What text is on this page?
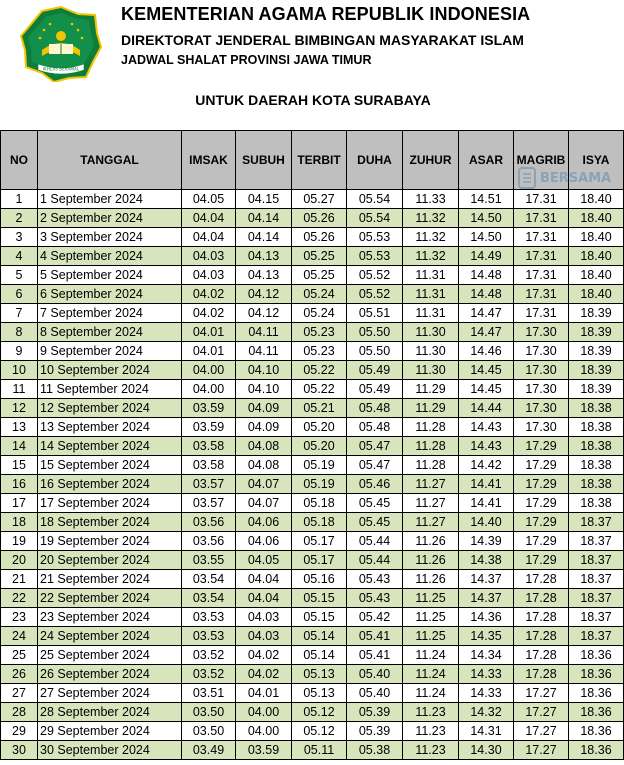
IKHLAS BERAMAL
KEMENTERIAN AGAMA REPUBLIK INDONESIA
DIREKTORAT JENDERAL BIMBINGAN MASYARAKAT ISLAM
JADWAL SHALAT PROVINSI JAWA TIMUR
UNTUK DAERAH KOTA SURABAYA
NO	TANGGAL	IMSAK	SUBUH	TERBIT	DUHA	ZUHUR	ASAR	MAGRIB	ISYA
1	1 September 2024	04.05	04.15	05.27	05.54	11.33	14.51	17.31	18.40
2	2 September 2024	04.04	04.14	05.26	05.54	11.32	14.50	17.31	18.40
3	3 September 2024	04.04	04.14	05.26	05.53	11.32	14.50	17.31	18.40
4	4 September 2024	04.03	04.13	05.25	05.53	11.32	14.49	17.31	18.40
5	5 September 2024	04.03	04.13	05.25	05.52	11.31	14.48	17.31	18.40
6	6 September 2024	04.02	04.12	05.24	05.52	11.31	14.48	17.31	18.40
7	7 September 2024	04.02	04.12	05.24	05.51	11.31	14.47	17.31	18.39
8	8 September 2024	04.01	04.11	05.23	05.50	11.30	14.47	17.30	18.39
9	9 September 2024	04.01	04.11	05.23	05.50	11.30	14.46	17.30	18.39
10	10 September 2024	04.00	04.10	05.22	05.49	11.30	14.45	17.30	18.39
11	11 September 2024	04.00	04.10	05.22	05.49	11.29	14.45	17.30	18.39
12	12 September 2024	03.59	04.09	05.21	05.48	11.29	14.44	17.30	18.38
13	13 September 2024	03.59	04.09	05.20	05.48	11.28	14.43	17.30	18.38
14	14 September 2024	03.58	04.08	05.20	05.47	11.28	14.43	17.29	18.38
15	15 September 2024	03.58	04.08	05.19	05.47	11.28	14.42	17.29	18.38
16	16 September 2024	03.57	04.07	05.19	05.46	11.27	14.41	17.29	18.38
17	17 September 2024	03.57	04.07	05.18	05.45	11.27	14.41	17.29	18.38
18	18 September 2024	03.56	04.06	05.18	05.45	11.27	14.40	17.29	18.37
19	19 September 2024	03.56	04.06	05.17	05.44	11.26	14.39	17.29	18.37
20	20 September 2024	03.55	04.05	05.17	05.44	11.26	14.38	17.29	18.37
21	21 September 2024	03.54	04.04	05.16	05.43	11.26	14.37	17.28	18.37
22	22 September 2024	03.54	04.04	05.15	05.43	11.25	14.37	17.28	18.37
23	23 September 2024	03.53	04.03	05.15	05.42	11.25	14.36	17.28	18.37
24	24 September 2024	03.53	04.03	05.14	05.41	11.25	14.35	17.28	18.37
25	25 September 2024	03.52	04.02	05.14	05.41	11.24	14.34	17.28	18.36
26	26 September 2024	03.52	04.02	05.13	05.40	11.24	14.33	17.28	18.36
27	27 September 2024	03.51	04.01	05.13	05.40	11.24	14.33	17.27	18.36
28	28 September 2024	03.50	04.00	05.12	05.39	11.23	14.32	17.27	18.36
29	29 September 2024	03.50	04.00	05.12	05.39	11.23	14.31	17.27	18.36
30	30 September 2024	03.49	03.59	05.11	05.38	11.23	14.30	17.27	18.36
BERSAMA
